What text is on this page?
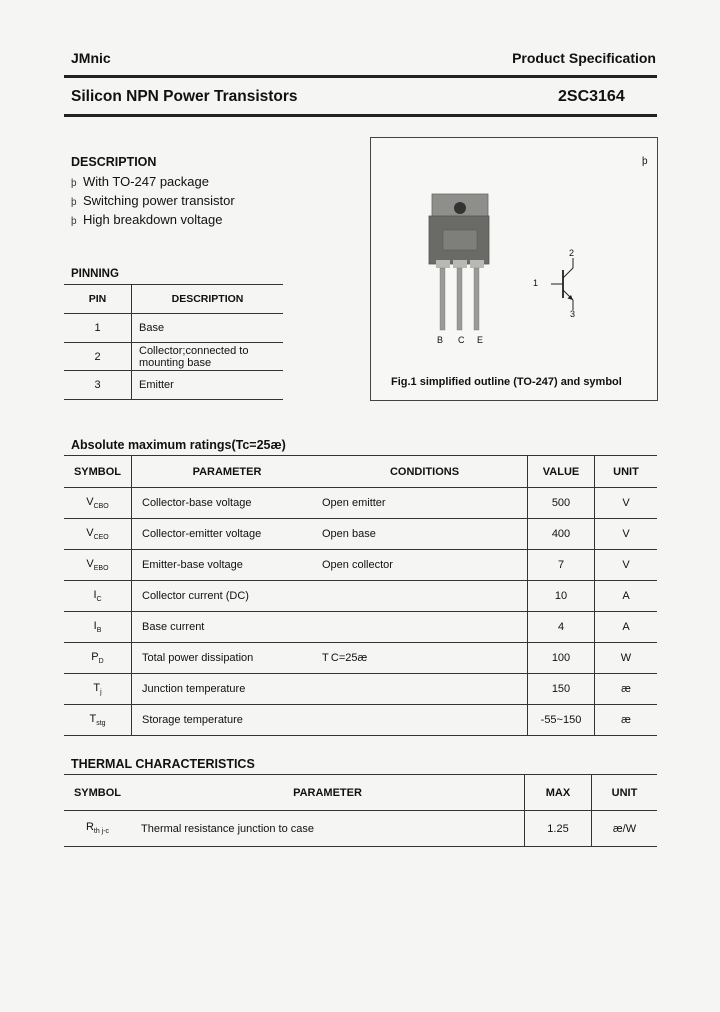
JMnic	Product Specification
Silicon NPN Power Transistors	2SC3164
DESCRIPTION
þ With TO-247 package
þ Switching power transistor
þ High breakdown voltage
PINNING
PIN	DESCRIPTION
1	Base
2	Collector;connected to mounting base
3	Emitter
þ
B C E
1
2
3
Fig.1 simplified outline (TO-247) and symbol
Absolute maximum ratings(Tc=25æ)
SYMBOL	PARAMETER	CONDITIONS	VALUE	UNIT
$V_{CBO}$	Collector-base voltage	Open emitter	500	V
$V_{CEO}$	Collector-emitter voltage	Open base	400	V
$V_{EBO}$	Emitter-base voltage	Open collector	7	V
$I_C$	Collector current (DC)		10	A
$I_B$	Base current		4	A
$P_D$	Total power dissipation	T C=25æ	100	W
$T_j$	Junction temperature		150	æ
$T_{stg}$	Storage temperature		-55~150	æ
THERMAL CHARACTERISTICS
SYMBOL	PARAMETER	MAX	UNIT
$R_{th j-c}$	Thermal resistance junction to case	1.25	æ/W
